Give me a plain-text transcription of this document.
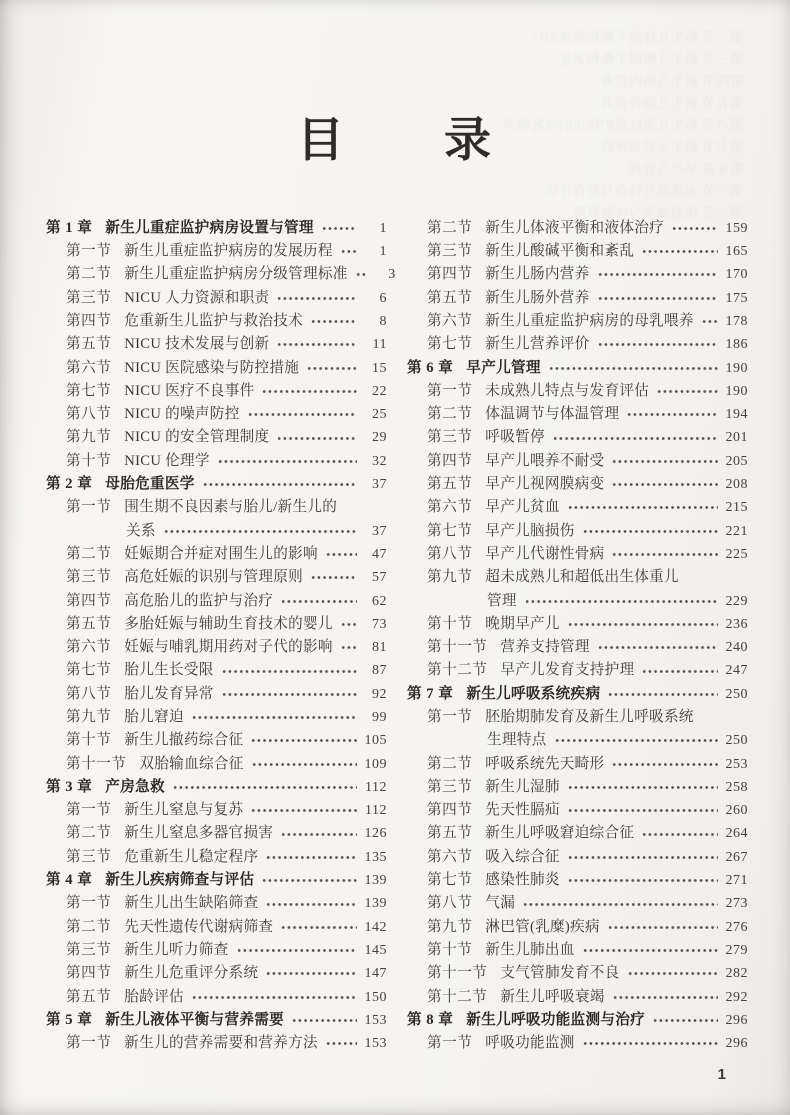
目　　录
第 1 章 新生儿重症监护病房设置与管理	1
第一节 新生儿重症监护病房的发展历程	1
第二节 新生儿重症监护病房分级管理标准	3
第三节 NICU 人力资源和职责	6
第四节 危重新生儿监护与救治技术	8
第五节 NICU 技术发展与创新	11
第六节 NICU 医院感染与防控措施	15
第七节 NICU 医疗不良事件	22
第八节 NICU 的噪声防控	25
第九节 NICU 的安全管理制度	29
第十节 NICU 伦理学	32
第 2 章 母胎危重医学	37
第一节 围生期不良因素与胎儿/新生儿的
关系	37
第二节 妊娠期合并症对围生儿的影响	47
第三节 高危妊娠的识别与管理原则	57
第四节 高危胎儿的监护与治疗	62
第五节 多胎妊娠与辅助生育技术的婴儿	73
第六节 妊娠与哺乳期用药对子代的影响	81
第七节 胎儿生长受限	87
第八节 胎儿发育异常	92
第九节 胎儿窘迫	99
第十节 新生儿撤药综合征	105
第十一节 双胎输血综合征	109
第 3 章 产房急救	112
第一节 新生儿窒息与复苏	112
第二节 新生儿窒息多器官损害	126
第三节 危重新生儿稳定程序	135
第 4 章 新生儿疾病筛查与评估	139
第一节 新生儿出生缺陷筛查	139
第二节 先天性遗传代谢病筛查	142
第三节 新生儿听力筛查	145
第四节 新生儿危重评分系统	147
第五节 胎龄评估	150
第 5 章 新生儿液体平衡与营养需要	153
第一节 新生儿的营养需要和营养方法	153
第二节 新生儿体液平衡和液体治疗	159
第三节 新生儿酸碱平衡和紊乱	165
第四节 新生儿肠内营养	170
第五节 新生儿肠外营养	175
第六节 新生儿重症监护病房的母乳喂养 178
第七节 新生儿营养评价	186
第 6 章 早产儿管理	190
第一节 未成熟儿特点与发育评估	190
第二节 体温调节与体温管理	194
第三节 呼吸暂停	201
第四节 早产儿喂养不耐受	205
第五节 早产儿视网膜病变	208
第六节 早产儿贫血	215
第七节 早产儿脑损伤	221
第八节 早产儿代谢性骨病	225
第九节 超未成熟儿和超低出生体重儿
管理	229
第十节 晚期早产儿	236
第十一节 营养支持管理	240
第十二节 早产儿发育支持护理	247
第 7 章 新生儿呼吸系统疾病	250
第一节 胚胎期肺发育及新生儿呼吸系统
生理特点	250
第二节 呼吸系统先天畸形	253
第三节 新生儿湿肺	258
第四节 先天性膈疝	260
第五节 新生儿呼吸窘迫综合征	264
第六节 吸入综合征	267
第七节 感染性肺炎	271
第八节 气漏	273
第九节 淋巴管(乳糜)疾病	276
第十节 新生儿肺出血	279
第十一节 支气管肺发育不良	282
第十二节 新生儿呼吸衰竭	292
第 8 章 新生儿呼吸功能监测与治疗	296
第一节 呼吸功能监测	296
1
